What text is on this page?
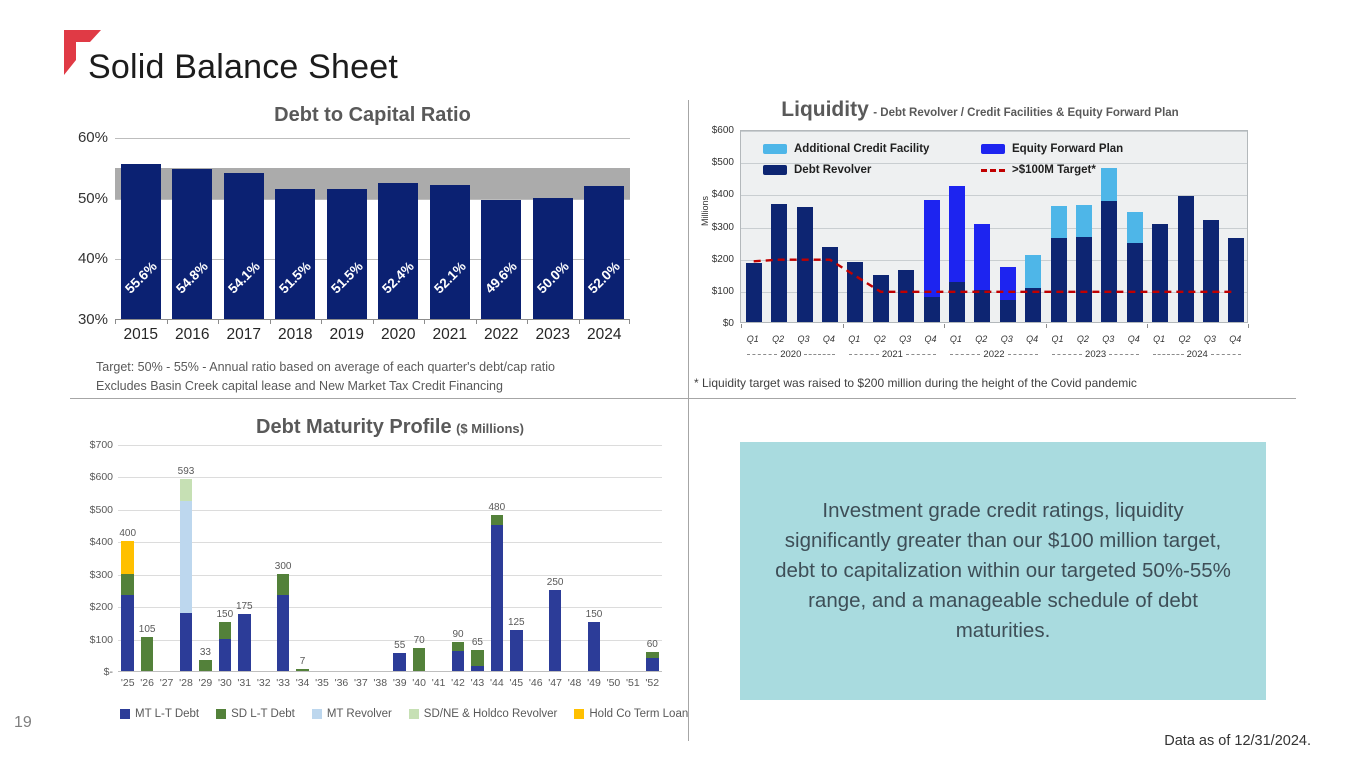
Solid Balance Sheet
Debt to Capital Ratio
55.6% 54.8% 54.1% 51.5% 51.5% 52.4% 52.1% 49.6% 50.0% 52.0%
60%
50%
40%
30%
2015	2016	2017	2018	2019	2020	2021	2022	2023	2024
Target: 50% - 55% - Annual ratio based on average of each quarter's debt/cap ratio
Excludes Basin Creek capital lease and New Market Tax Credit Financing
Liquidity - Debt Revolver / Credit Facilities & Equity Forward Plan
Millions
Additional Credit Facility	Equity Forward Plan
Debt Revolver	>$100M Target*
$0
$100
$200
$300
$400
$500
$600
Q1	Q2	Q3	Q4	Q1	Q2	Q3	Q4	Q1	Q2	Q3	Q4	Q1	Q2	Q3	Q4	Q1	Q2	Q3	Q4
2020	2021	2022	2023	2024
* Liquidity target was raised to $200 million during the height of the Covid pandemic
Debt Maturity Profile ($ Millions)
400
105
593
33
150
175
300
7
55 70
90
65
480
125
250
150
60
$-
$100
$200
$300
$400
$500
$600
$700
'25 '26 '27 '28 '29 '30 '31 '32 '33 '34 '35 '36 '37 '38 '39 '40 '41 '42 '43 '44 '45 '46 '47 '48 '49 '50 '51 '52
MT L-T Debt	SD L-T Debt	MT Revolver	SD/NE & Holdco Revolver	Hold Co Term Loan

Investment grade credit ratings, liquidity significantly greater than our $100 million target, debt to capitalization within our targeted 50%-55% range, and a manageable schedule of debt maturities.

19
Data as of 12/31/2024.
